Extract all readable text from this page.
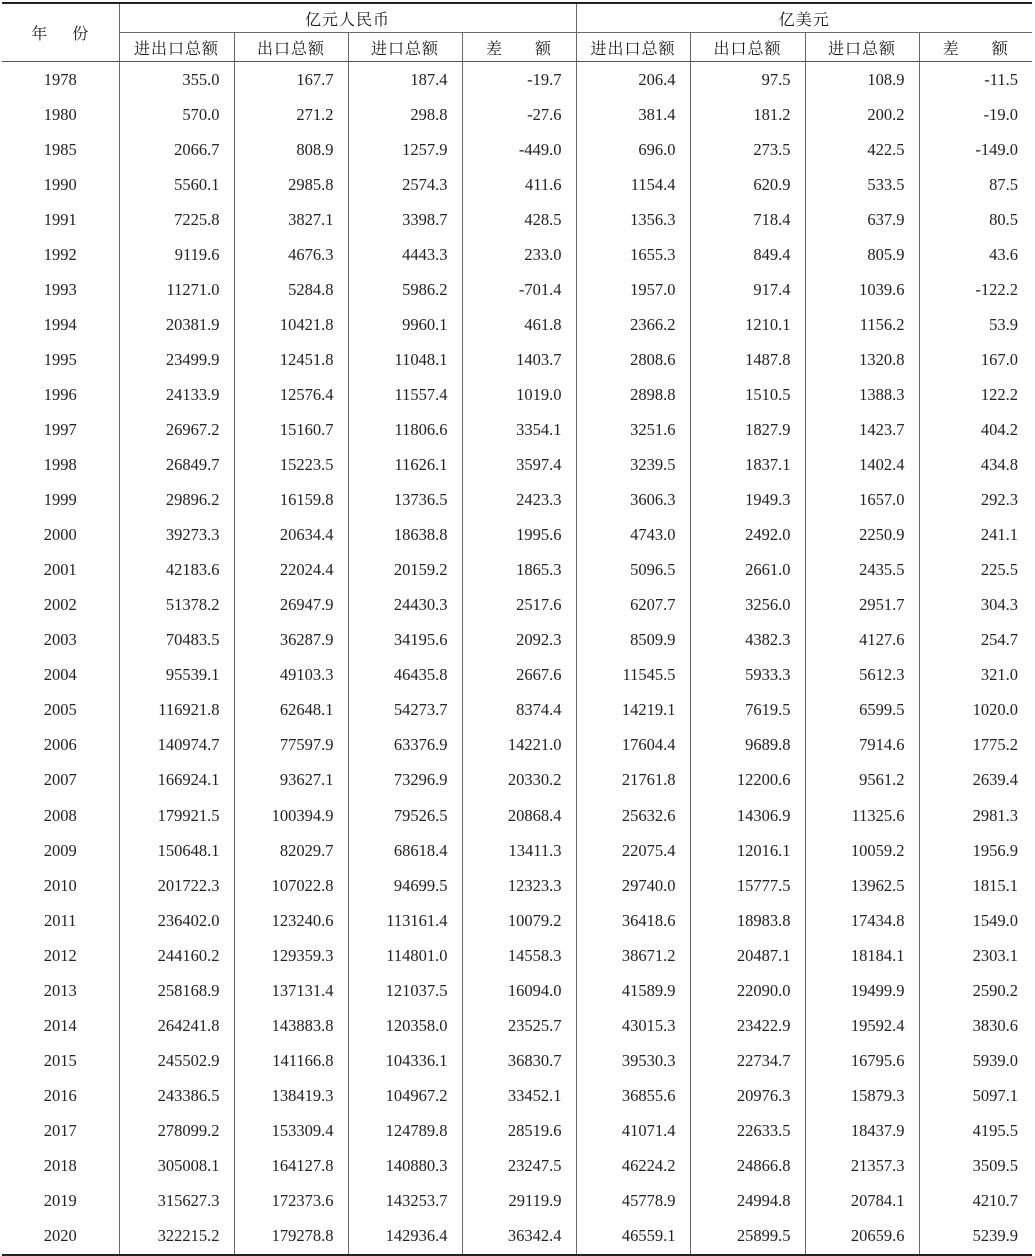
年 份	亿元人民币				亿美元			
	进出口总额	出口总额	进口总额	差 额	进出口总额	出口总额	进口总额	差 额
1978	355.0	167.7	187.4	-19.7	206.4	97.5	108.9	-11.5
1980	570.0	271.2	298.8	-27.6	381.4	181.2	200.2	-19.0
1985	2066.7	808.9	1257.9	-449.0	696.0	273.5	422.5	-149.0
1990	5560.1	2985.8	2574.3	411.6	1154.4	620.9	533.5	87.5
1991	7225.8	3827.1	3398.7	428.5	1356.3	718.4	637.9	80.5
1992	9119.6	4676.3	4443.3	233.0	1655.3	849.4	805.9	43.6
1993	11271.0	5284.8	5986.2	-701.4	1957.0	917.4	1039.6	-122.2
1994	20381.9	10421.8	9960.1	461.8	2366.2	1210.1	1156.2	53.9
1995	23499.9	12451.8	11048.1	1403.7	2808.6	1487.8	1320.8	167.0
1996	24133.9	12576.4	11557.4	1019.0	2898.8	1510.5	1388.3	122.2
1997	26967.2	15160.7	11806.6	3354.1	3251.6	1827.9	1423.7	404.2
1998	26849.7	15223.5	11626.1	3597.4	3239.5	1837.1	1402.4	434.8
1999	29896.2	16159.8	13736.5	2423.3	3606.3	1949.3	1657.0	292.3
2000	39273.3	20634.4	18638.8	1995.6	4743.0	2492.0	2250.9	241.1
2001	42183.6	22024.4	20159.2	1865.3	5096.5	2661.0	2435.5	225.5
2002	51378.2	26947.9	24430.3	2517.6	6207.7	3256.0	2951.7	304.3
2003	70483.5	36287.9	34195.6	2092.3	8509.9	4382.3	4127.6	254.7
2004	95539.1	49103.3	46435.8	2667.6	11545.5	5933.3	5612.3	321.0
2005	116921.8	62648.1	54273.7	8374.4	14219.1	7619.5	6599.5	1020.0
2006	140974.7	77597.9	63376.9	14221.0	17604.4	9689.8	7914.6	1775.2
2007	166924.1	93627.1	73296.9	20330.2	21761.8	12200.6	9561.2	2639.4
2008	179921.5	100394.9	79526.5	20868.4	25632.6	14306.9	11325.6	2981.3
2009	150648.1	82029.7	68618.4	13411.3	22075.4	12016.1	10059.2	1956.9
2010	201722.3	107022.8	94699.5	12323.3	29740.0	15777.5	13962.5	1815.1
2011	236402.0	123240.6	113161.4	10079.2	36418.6	18983.8	17434.8	1549.0
2012	244160.2	129359.3	114801.0	14558.3	38671.2	20487.1	18184.1	2303.1
2013	258168.9	137131.4	121037.5	16094.0	41589.9	22090.0	19499.9	2590.2
2014	264241.8	143883.8	120358.0	23525.7	43015.3	23422.9	19592.4	3830.6
2015	245502.9	141166.8	104336.1	36830.7	39530.3	22734.7	16795.6	5939.0
2016	243386.5	138419.3	104967.2	33452.1	36855.6	20976.3	15879.3	5097.1
2017	278099.2	153309.4	124789.8	28519.6	41071.4	22633.5	18437.9	4195.5
2018	305008.1	164127.8	140880.3	23247.5	46224.2	24866.8	21357.3	3509.5
2019	315627.3	172373.6	143253.7	29119.9	45778.9	24994.8	20784.1	4210.7
2020	322215.2	179278.8	142936.4	36342.4	46559.1	25899.5	20659.6	5239.9
